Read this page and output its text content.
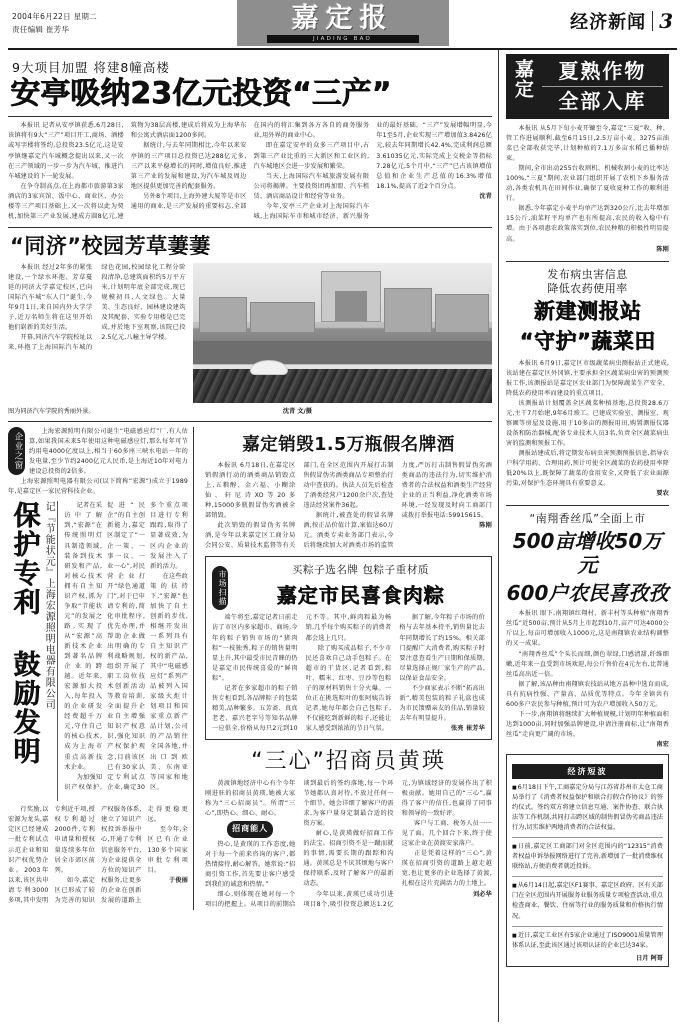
2004年6月22日 星期二
责任编辑 崔芳华	嘉定报
JIADING BAO
经济新闻 3
9大项目加盟 将建8幢高楼
安亭吸纳23亿元投资“三产”

本报讯 记者从安亭镇获悉,6月28日,该镇将有9大“三产”项目开工,商场、酒楼或写字楼将签约,总投资23.5亿元,这是安亭镇继嘉定汽车城概念提出以来,又一次在三产领域的一步一步为汽车城、推进汽车城建设的下一轮发展。

在争夺制高点,在上海都市旅游第3家酒店的3家宾馆、饭中心、商业区、办公楼等三产项目基础上,又一次将以此为契机,加快第三产业发展,建成方圆8亿元,建筑物为38层高楼,建成后将成为上海华东和公寓式酒店面1200多间。

据统计,与去年同期相比,今年以来安亭镇的三产项目总投资已达288亿元多,三产以来平稳增长的同时,增值良好,推进第三产业的发展和建设,为汽车城及周边地区提供更加完善的配套服务。

另外8个项目,上海外建大厦等是市区通用的商业,是三产发展的重要标志,全部在国内的将汇集到各方各自的商务服务业,用外界的商业中心。

即在嘉定安亭的众多三产项目中,占到第三产业比重的三大新区和工业区的,汽车城地区会进一步发展和繁荣。

当天,上海国际汽车城旅游发展有限公司将揭牌。主要投资团再加盟、汽车租赁、酒店商品设计和经营等业务。

今年,安亭三产企业对上海国际汽车城,上海国际车市和城市经济、新兴服务业的最好基础。“三产”发展增幅明显,今年1至5月,企业实现三产增加值3.8426亿元,较去年同期增长42.4%,完成利润总额3.61035亿元,实际完成上交税金等指标7.28亿元,5个月中,“三产”已占该镇增值总值和企业生产总值的16.3%增值18.1%,提高了近2个百分点。

沈青

“同济”校园芳草萋萋

本报讯 经过2年多的紧张建设,一个绿水环抱、芳草蔓延的同济大学嘉定校区,已向国际汽车城“东人门”诞生,今年9月1日,来自国内外大学学子,近万名师生将在这里开始他们崭新的美好生活。

开幕,同济汽车学院校址以来,环抱了上海国际汽车城的绿色花园,校园绿化工程分阶段清净,总建筑面积约5万平方米,计划明年底全部完成,现已规模初具,人文绿色。大量美、生态良好、园林建设建筑及其配套、实验专用楼是已完成,并於地下室观察,该院已投2.5亿元,八幢主导学楼。

图为同济汽车学院的秀丽外景。	沈青 文/摄
企业之窗

上海宏源照明有限公司诞生“电磁感应灯”厂,有人估算,如果我国未来5年使用这种电磁感应灯,那么每年可节约用电4000亿度以上,相当于60多座三峡水电站一年的发电量,至少节约2400亿元人民币,是上海近10年对电力建设总投资的2倍多。

上海宏源照明电器有限公司(以下简称“宏源”)成立于1989年,是嘉定区一家民营科技企业。

保护专利 鼓励发明 记『节能状元』上海宏源照明电器有限公司	记者在采访中了解到,“宏源”在传统照明灯具制造领域,装备到技术研发和产品,对核心技术拥有自主知识产权,抓为争取“节能状元”的发展之路,实现了从“宏源”高新技术企业到著名品牌企业的跨越。近年来,宏源加大投入,每年投入的企业研发经费超千万元,守住自己的核心技术,成为上海市重点高新技术企业。

为加强知识产权保护,促进“民企”的自主创新能力,嘉定区制定了“一企一策、一事一议、一业一心”,对民营企业打开“绿色通道门”,对于已申请专利的,简化审批程序,优先办理,并帮助企业做出明确的专利战略规划,组织开展了职工岗位技术创新活动等教育培训,全面提升企业自主增强知识产权意识,强化知识产权保护观念,目前该区已有30家认定专利试点企业,确定30多个重点项目进行专利跟踪,取得了显著成效,为区内企业的发展注入了新的活力。

在这些政策的扶持下,“宏源”也加快了自主创新的步伐,相继开发出一系列具有自主知识产权的新产品,其中“电磁感应灯”系列产品被列入国家级火炬计划项目和国家重点新产品计划,公司的产品销往全国各地,并出口到欧美、东南亚等国家和地区。

行奖励,以宏源为龙头,嘉定区已经建成一批专利试点示范企业和知识产权优势企业。2003年以来,该区共申请专利3000多项,其中发明专利近千项,授权专利超过2000件,专利申请量和授权量连续多年位居全市郊区前列。

如今,嘉定区已形成了较为完善的知识产权服务体系,建立了知识产权投诉举报中心,开通了专利信息服务平台,为企业提供全方位的知识产权服务,让更多的企业在创新发展的道路上走得更稳更远。

至今年,全区已有企业130多个国家审批专利项目。

于俊丽

嘉定销毁1.5万瓶假名牌酒

本报讯 6月18日,在嘉定区销假酒行动的酒类商品销毁点上,五粮醇、金六福、小糊涂仙、轩尼诗XO等20多种,15000多瓶假冒伪劣酒被全部销毁。

此次销毁的假冒伪劣名牌酒,是今年以来嘉定区工商分局会同公安、质量技术监督等有关部门,在全区范围内开展打击制售假冒伪劣酒类商品专项整治行动中查获的。执法人员先后检查了酒类经营户1200余户次,查处违法经营案件36起。

据统计,被查处的假冒名牌酒,按正品价值计算,案值达60万元。酒类专卖业务部门表示,今后将继续加大对酒类市场的监管力度,严厉打击制售假冒伪劣酒类商品的违法行为,切实维护消费者的合法权益和酒类生产经营企业的正当利益,净化酒类市场环境,一经发现及时向工商部门或拨打举报电话:59915615。

陈刚

市场扫描	买粽子选名牌 包粽子重材质
嘉定市民喜食肉粽

端午将至,嘉定记者日前走访了市区内多家超市、商场,今年的粽子销售市场的“猪肉粽”一枝独秀,粽子的销售量明显上升,其中最受市民青睐的仍是嘉定市民传统喜爱的“鲜肉粽”。

记者在多家超市的粽子销售专柜看到,各品牌粽子的包装精美,品种繁多。五芳斋、真真老老、嘉兴老字号等知名品牌一应俱全,价格从每只2元到10元不等。其中,鲜肉粽最为畅销,几乎每个购买粽子的消费者都会选上几只。

除了购买成品粽子,不少市民还喜欢自己动手包粽子。在超市的干货区,记者看到,粽叶、糯米、红枣、豆沙等包粽子的原材料销售十分火爆。一位正在挑选粽叶的张阿姨告诉记者,她每年都会自己包粽子,不仅能吃到新鲜的粽子,还能让家人感受到浓浓的节日气氛。

据了解,今年粽子市场的价格与去年基本持平,销售量比去年同期增长了约15%。相关部门提醒广大消费者,购买粽子时要注意查看生产日期和保质期,尽量选择正规厂家生产的产品,以保证食品安全。

不少商家表示不断“拓高出新”,精美包装的粽子礼盒也成为市民馈赠亲友的佳品,销量较去年有明显提升。

张亮 崔芳华

“三心”招商员黄瑛

黄渡镇地经济中心有个今年刚进驻的招商员黄瑛,她被大家称为“三心招商员”。所谓“三心”,即热心、细心、耐心。

招商能人

热心,是黄瑛的工作态度,她对于每一个前来咨询的客户,都热情接待,耐心解答。她常说:“招商引资工作,首先要让客户感受到我们的诚意和热情。”

细心,则体现在她对每一个项目的把握上。从项目的前期洽谈到最后的签约落地,每一个环节她都认真对待,不放过任何一个细节。她会详细了解客户的需求,为客户量身定制最合适的投资方案。

耐心,是黄瑛做好招商工作的法宝。招商引资不是一蹴而就的事情,需要长期的跟踪和沟通。黄瑛总是不厌其烦地与客户保持联系,及时了解客户的最新动态。

今年以来,黄瑛已成功引进项目8个,吸引投资总额达1.2亿元,为镇域经济的发展作出了积极贡献。她用自己的“三心”,赢得了客户的信任,也赢得了同事和领导的一致好评。

客户与工商、税务人员一一见了面。几个回合下来,终于使这家企业在黄渡安家落户。

正是凭着这样的“三心”,黄瑛在招商引资的道路上越走越宽,也让更多的企业选择了黄渡,扎根在这片充满活力的土地上。

刘必华

嘉定	夏熟作物
全部入库

本报讯 从5月下旬小麦开镰至今,嘉定“三夏”收、种、管工作进展顺利,截至6月15日,2.5万亩小麦、3275亩油菜已全部收获完毕,计划种植的7.1万多亩水稻已播种结束。

期间,全市出动255台收割机、机械收割小麦的比率达100%,“三夏”期间,农业部门组织开展了农机下乡服务活动,各类农机具在田间作业,确保了夏收夏种工作的顺利进行。

据悉,今年嘉定小麦平均单产达到320公斤,比去年增加15公斤,油菜籽平均单产也有所提高,农民的收入稳中有增。由于各项惠农政策落实到位,农民种粮的积极性明显提高。

陈刚

发布病虫害信息
降低农药使用率
新建测报站
“守护”蔬菜田

本报讯 6月9日,嘉定区市级蔬菜病虫测报站正式建成,该站建在嘉定区外冈镇,主要承担全区蔬菜病虫害的预测预报工作,该测报站是嘉定区农业部门为保障蔬菜生产安全、降低农药使用率而建设的重点项目。

该测报站计划覆盖全区蔬菜种植基地,总投资28.6万元,主干7月始建,9年6月竣工。已建成实验室、测报室、观察圃等房屋及设施,用于10多亩的测报用田,购置测报仪器设备和防治器械,配备专业技术人员3名,负责全区蔬菜病虫害的监测和预报工作。

测报站建成后,将定期发布病虫害预测预报信息,指导农户科学用药、合理用药,预计可使全区蔬菜的农药使用率降低20%以上,既保障了蔬菜的食用安全,又降低了农业面源污染,对保护生态环境具有重要意义。

要农

“南翔香丝瓜”全面上市
500亩增收50万元
600户农民喜孜孜

本报讯 眼下,南翔镇红翔村、新丰村等头种植“南翔香丝瓜”近500亩,预计从5月上市起到10月,亩产可达4000公斤以上,每亩可增加收入1000元,这是南翔镇农业结构调整的又一成果。

“南翔香丝瓜”个头长而细,颜色翠绿,口感清甜,纤维细嫩,近年来一直受到市场欢迎,每公斤售价在4元左右,比普通丝瓜高出近一倍。

据了解,该品种由南翔镇农技站从地方品种中选育而成,具有抗病性强、产量高、品质优等特点。今年全镇共有600多户农民参与种植,预计可为农户增加收入50万元。

下一步,南翔镇将继续扩大种植规模,计划明年种植面积达到1000亩,同时加强品牌建设,申请注册商标,让“南翔香丝瓜”走向更广阔的市场。

南宏

经济短波
■ 6月18日下午,工商嘉定分局与江苏省苏州市太仓工商局举行了《消费者权益保护和联合打假合作协议》的签约仪式。签约双方将建立信息互通、案件协查、联合执法等工作机制,共同打击跨区域的制售假冒伪劣商品违法行为,切实维护两地消费者的合法权益。
■ 日前,嘉定区工商部门对全区范围内的“12315”消费者权益申诉举报网络进行了完善,新增加了一批消费维权联络站,方便消费者就近投诉。
■ 从6月14日起,嘉定区F1赛事、嘉定区政府、区有关部门在全区范围内开展服务业服务质量专项检查活动,重点检查商业、餐饮、住宿等行业的服务质量和价格执行情况。
■ 近日,嘉定工业区有5家企业通过了ISO9001质量管理体系认证,至此该区通过该项认证的企业已达34家。
日月 阿哥
